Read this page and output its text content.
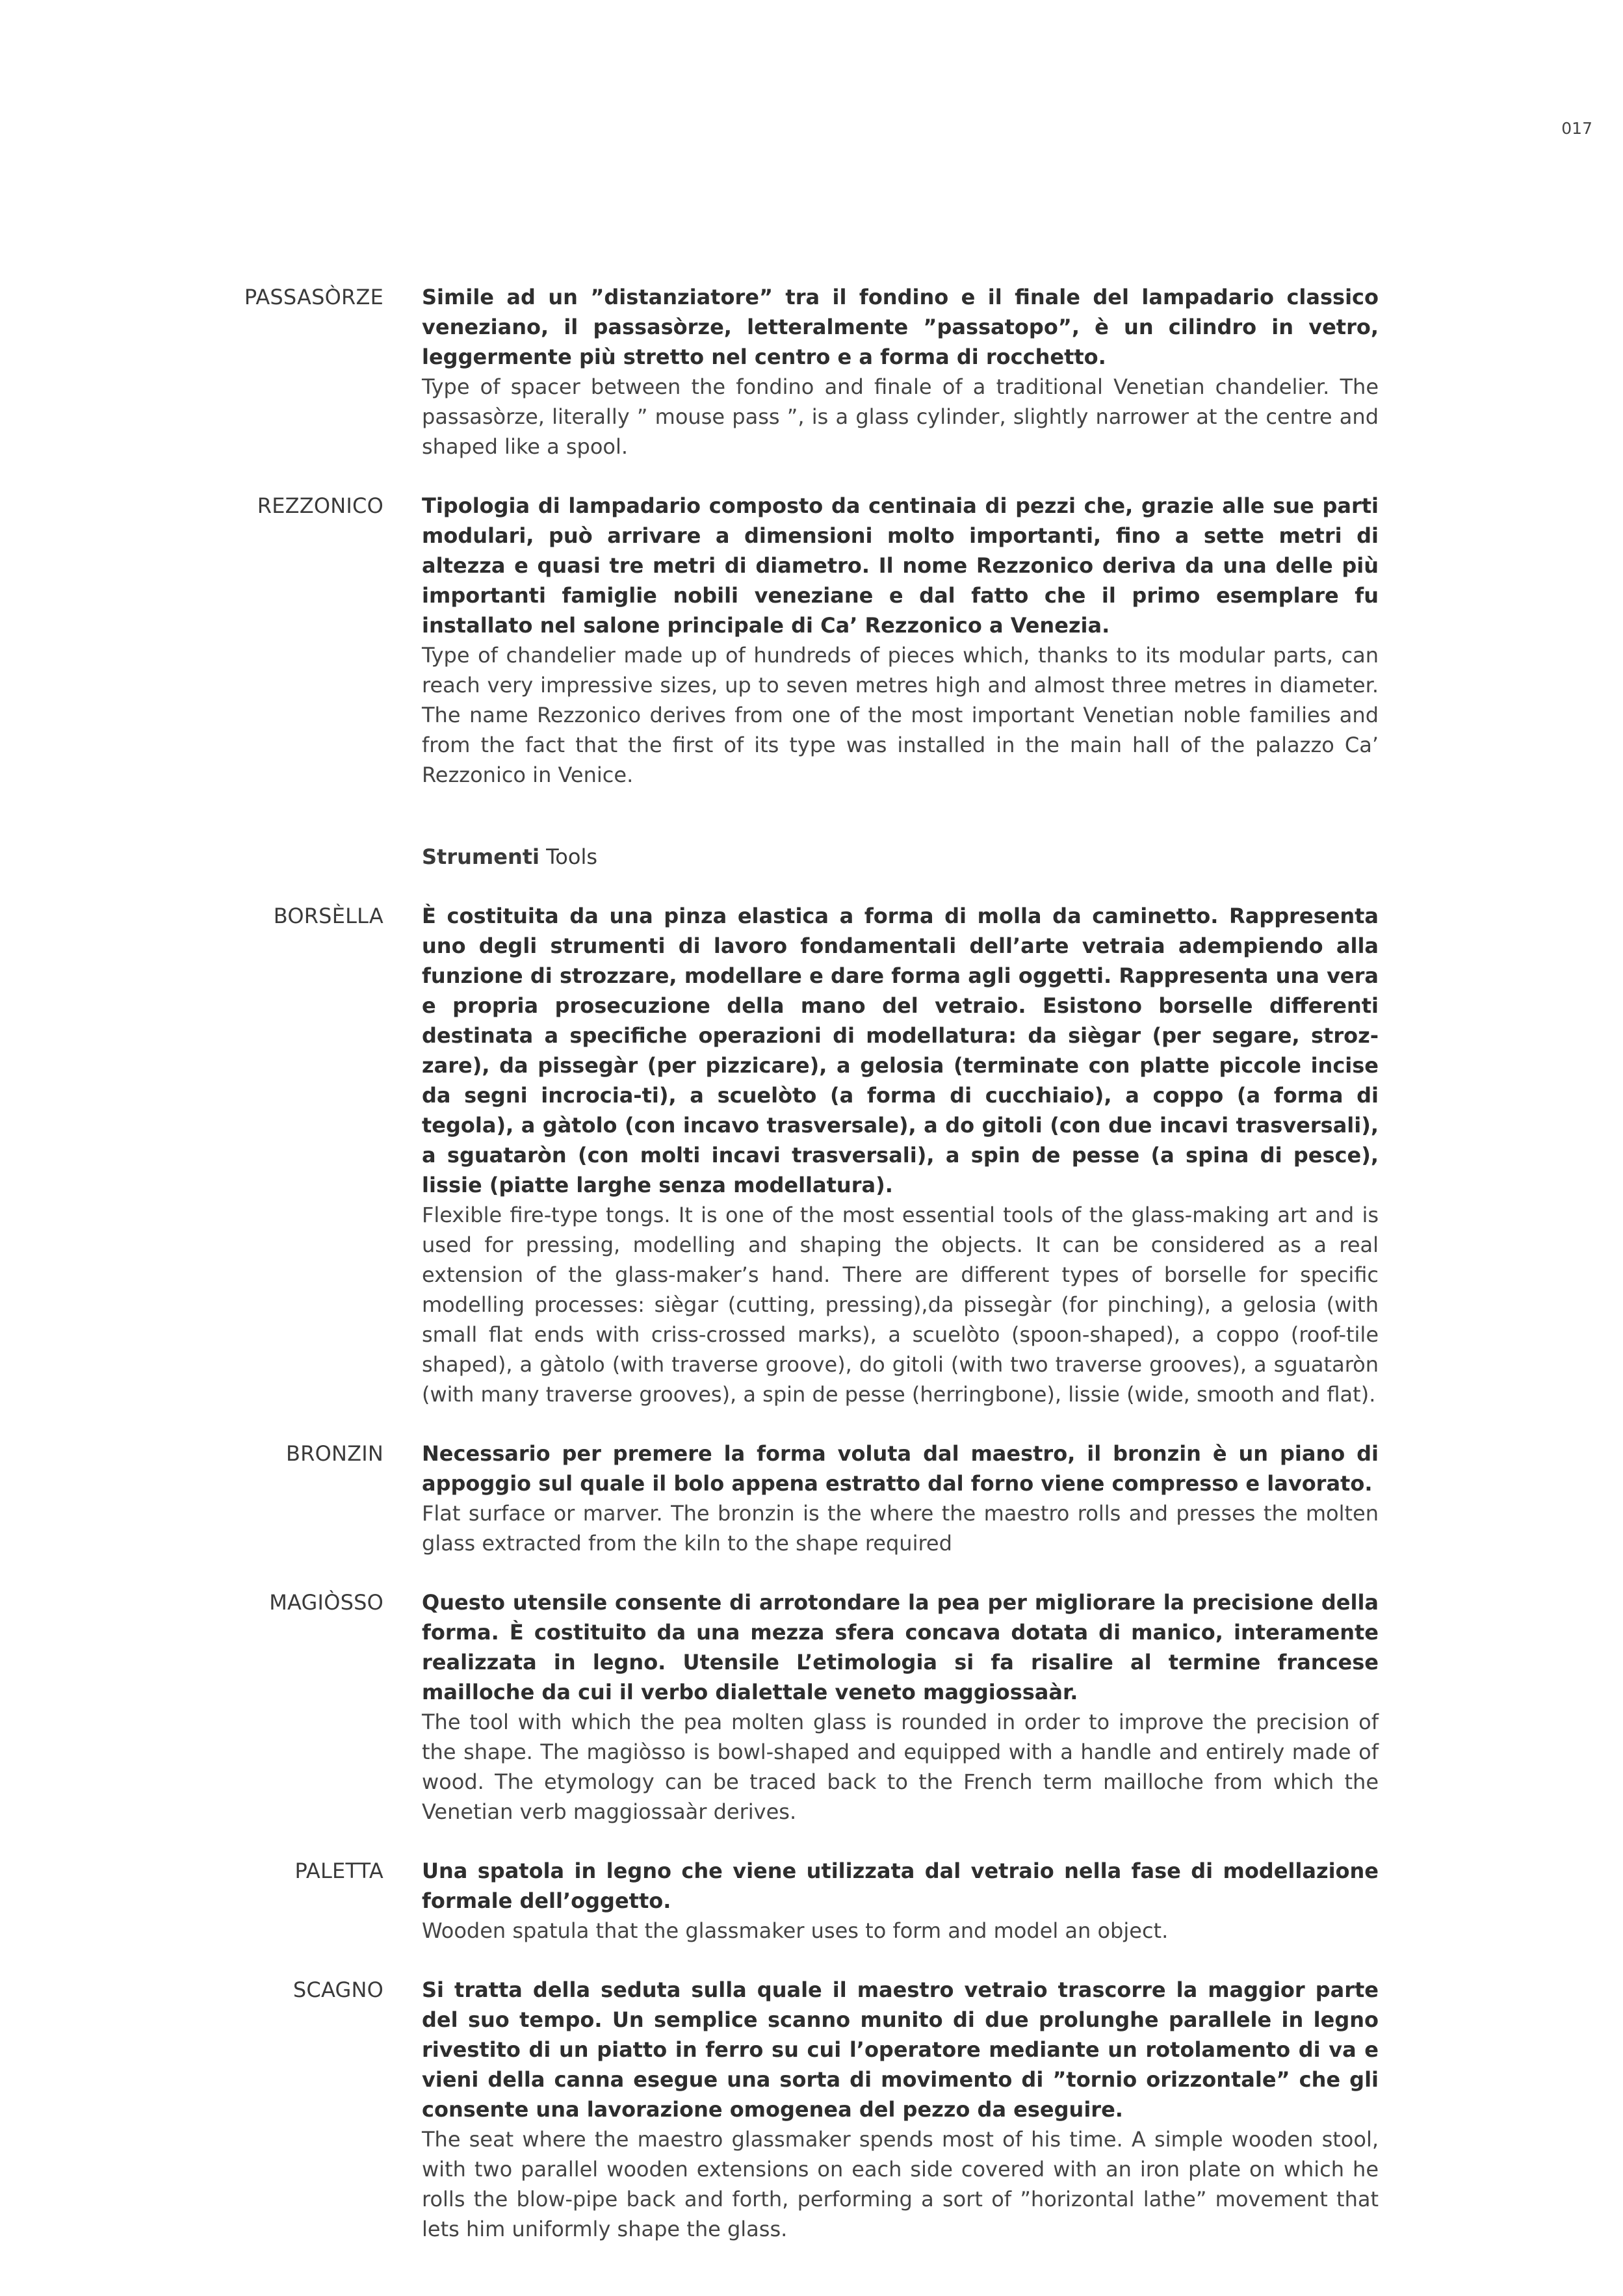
017
PASSASÒRZE Simile ad un ”distanziatore” tra il fondino e il finale del lampadario classico veneziano, il passasòrze, letteralmente ”passatopo”, è un cilindro in vetro, leggermente più stretto nel centro e a forma di rocchetto.
Type of spacer between the fondino and finale of a traditional Venetian chandelier. The passasòrze, literally ” mouse pass ”, is a glass cylinder, slightly narrower at the centre and shaped like a spool.
REZZONICO Tipologia di lampadario composto da centinaia di pezzi che, grazie alle sue parti modulari, può arrivare a dimensioni molto importanti, fino a sette metri di altezza e quasi tre metri di diametro. Il nome Rezzonico deriva da una delle più importanti famiglie nobili veneziane e dal fatto che il primo esemplare fu installato nel salone principale di Ca’ Rezzonico a Venezia.
Type of chandelier made up of hundreds of pieces which, thanks to its modular parts, can reach very impressive sizes, up to seven metres high and almost three metres in diameter. The name Rezzonico derives from one of the most important Venetian noble families and from the fact that the first of its type was installed in the main hall of the palazzo Ca’ Rezzonico in Venice.
Strumenti Tools
BORSÈLLA È costituita da una pinza elastica a forma di molla da caminetto. Rappresenta uno degli strumenti di lavoro fondamentali dell’arte vetraia adempiendo alla funzione di strozzare, modellare e dare forma agli oggetti. Rappresenta una vera e propria prosecuzione della mano del vetraio. Esistono borselle differenti destinata a specifiche operazioni di modellatura: da siègar (per segare, stroz-zare), da pissegàr (per pizzicare), a gelosia (terminate con platte piccole incise da segni incrocia-ti), a scuelòto (a forma di cucchiaio), a coppo (a forma di tegola), a gàtolo (con incavo trasversale), a do gitoli (con due incavi trasversali), a sguataròn (con molti incavi trasversali), a spin de pesse (a spina di pesce), lissie (piatte larghe senza modellatura).
Flexible fire-type tongs. It is one of the most essential tools of the glass-making art and is used for pressing, modelling and shaping the objects. It can be considered as a real extension of the glass-maker’s hand. There are different types of borselle for specific modelling processes: siègar (cutting, pressing),da pissegàr (for pinching), a gelosia (with small flat ends with criss-crossed marks), a scuelòto (spoon-shaped), a coppo (roof-tile shaped), a gàtolo (with traverse groove), do gitoli (with two traverse grooves), a sguataròn (with many traverse grooves), a spin de pesse (herringbone), lissie (wide, smooth and flat).
BRONZIN Necessario per premere la forma voluta dal maestro, il bronzin è un piano di appoggio sul quale il bolo appena estratto dal forno viene compresso e lavorato.
Flat surface or marver. The bronzin is the where the maestro rolls and presses the molten glass extracted from the kiln to the shape required
MAGIÒSSO Questo utensile consente di arrotondare la pea per migliorare la precisione della forma. È costituito da una mezza sfera concava dotata di manico, interamente realizzata in legno. Utensile L’etimologia si fa risalire al termine francese mailloche da cui il verbo dialettale veneto maggiossaàr.
The tool with which the pea molten glass is rounded in order to improve the precision of the shape. The magiòsso is bowl-shaped and equipped with a handle and entirely made of wood. The etymology can be traced back to the French term mailloche from which the Venetian verb maggiossaàr derives.
PALETTA Una spatola in legno che viene utilizzata dal vetraio nella fase di modellazione formale dell’oggetto.
Wooden spatula that the glassmaker uses to form and model an object.
SCAGNO Si tratta della seduta sulla quale il maestro vetraio trascorre la maggior parte del suo tempo. Un semplice scanno munito di due prolunghe parallele in legno rivestito di un piatto in ferro su cui l’operatore mediante un rotolamento di va e vieni della canna esegue una sorta di movimento di ”tornio orizzontale” che gli consente una lavorazione omogenea del pezzo da eseguire.
The seat where the maestro glassmaker spends most of his time. A simple wooden stool, with two parallel wooden extensions on each side covered with an iron plate on which he rolls the blow-pipe back and forth, performing a sort of ”horizontal lathe” movement that lets him uniformly shape the glass.
